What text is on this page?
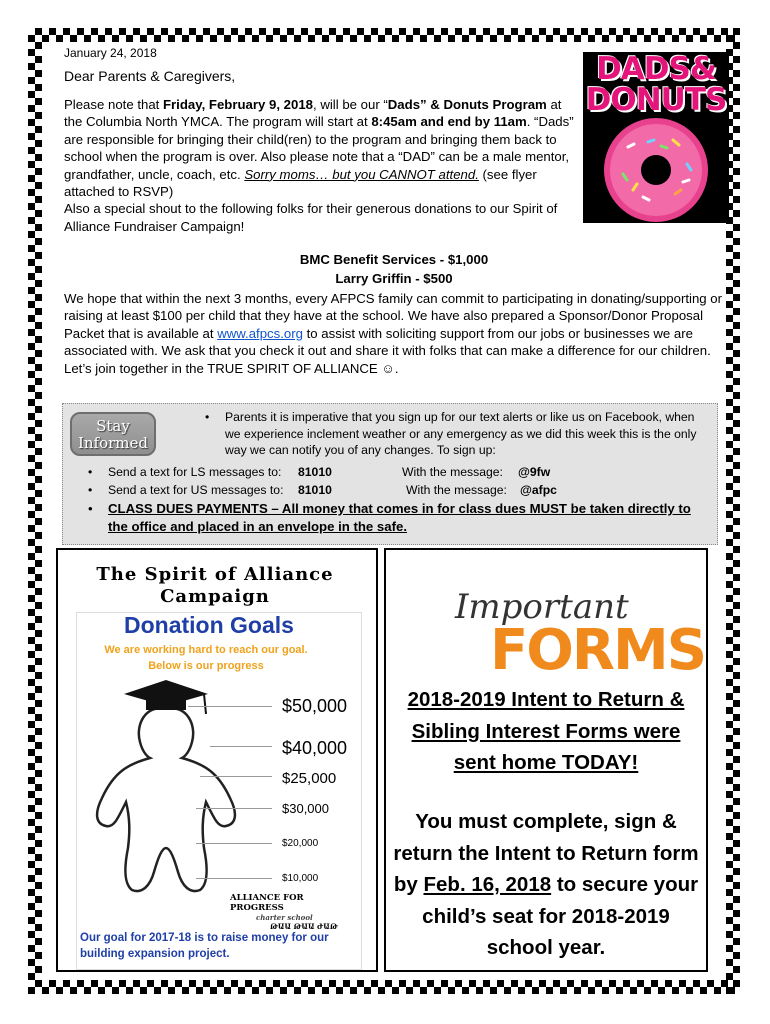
January 24, 2018
Dear Parents & Caregivers,

Please note that Friday, February 9, 2018, will be our “Dads” & Donuts Program at the Columbia North YMCA. The program will start at 8:45am and end by 11am. “Dads” are responsible for bringing their child(ren) to the program and bringing them back to school when the program is over. Also please note that a “DAD” can be a male mentor, grandfather, uncle, coach, etc. Sorry moms… but you CANNOT attend. (see flyer attached to RSVP)

Also a special shout to the following folks for their generous donations to our Spirit of Alliance Fundraiser Campaign!

DADS&
DONUTS
BMC Benefit Services - $1,000
Larry Griffin - $500
We hope that within the next 3 months, every AFPCS family can commit to participating in donating/supporting or raising at least $100 per child that they have at the school. We have also prepared a Sponsor/Donor Proposal Packet that is available at www.afpcs.org to assist with soliciting support from our jobs or businesses we are associated with. We ask that you check it out and share it with folks that can make a difference for our children. Let’s join together in the TRUE SPIRIT OF ALLIANCE ☺.
Stay
Informed
• Parents it is imperative that you sign up for our text alerts or like us on Facebook, when we experience inclement weather or any emergency as we did this week this is the only way we can notify you of any changes. To sign up:
• Send a text for LS messages to: 81010	With the message: @9fw
• Send a text for US messages to: 81010	With the message: @afpc
• CLASS DUES PAYMENTS – All money that comes in for class dues MUST be taken directly to the office and placed in an envelope in the safe.
The Spirit of Alliance
Campaign
Donation Goals
We are working hard to reach our goal.
Below is our progress
$50,000
$40,000
$25,000
$30,000
$20,000
$10,000
ALLIANCE FOR PROGRESS
charter school
ԹԱԱ ԹԱԱ ԺԱԹ
Our goal for 2017-18 is to raise money for our building expansion project.
Important
FORMS
2018-2019 Intent to Return & Sibling Interest Forms were sent home TODAY!
You must complete, sign & return the Intent to Return form by Feb. 16, 2018 to secure your child’s seat for 2018-2019 school year.
